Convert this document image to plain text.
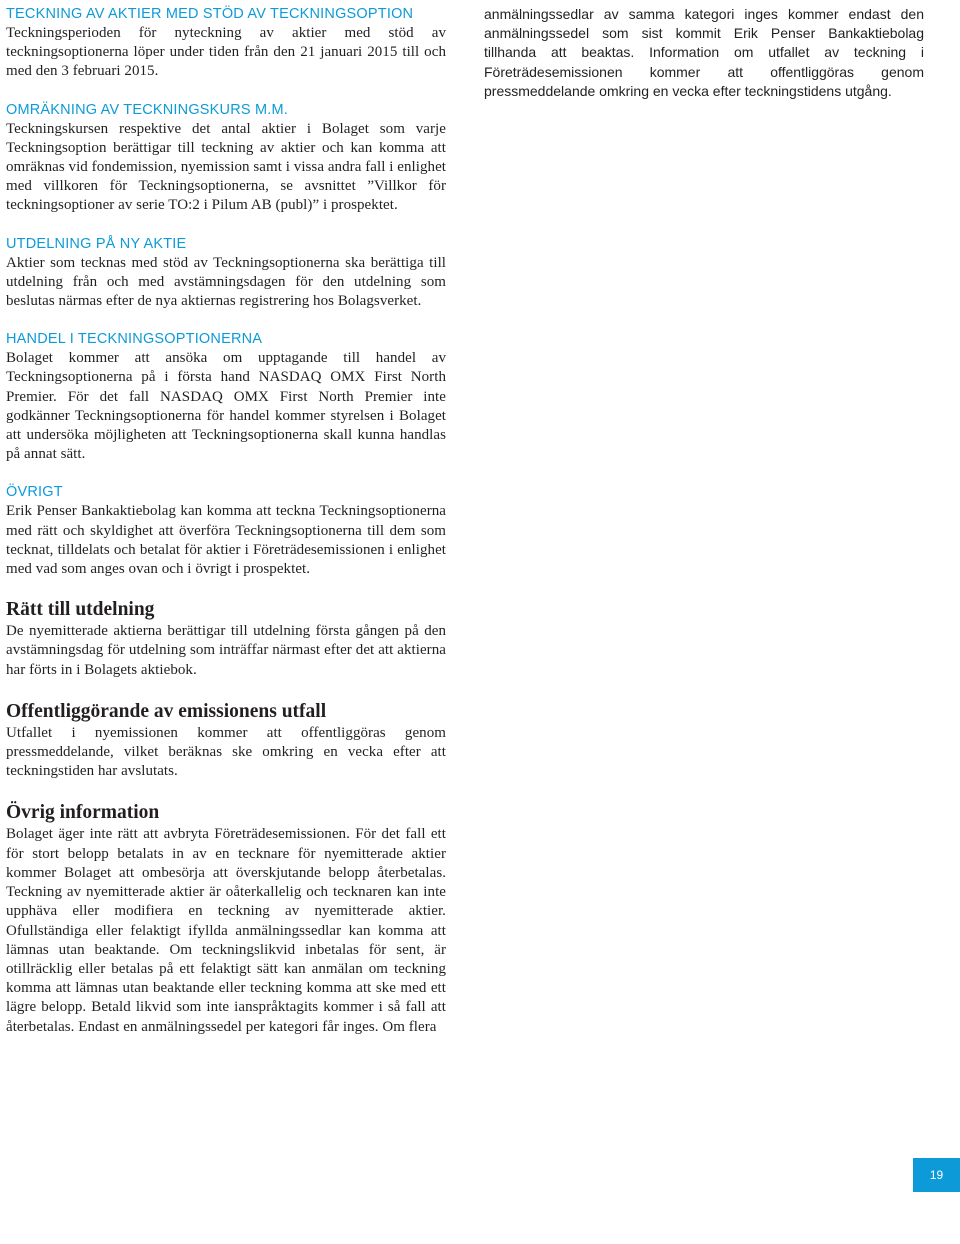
TECKNING AV AKTIER MED STÖD AV TECKNINGSOPTION

Teckningsperioden för nyteckning av aktier med stöd av teckningsoptionerna löper under tiden från den 21 januari 2015 till och med den 3 februari 2015.

OMRÄKNING AV TECKNINGSKURS M.M.

Teckningskursen respektive det antal aktier i Bolaget som varje Teckningsoption berättigar till teckning av aktier och kan komma att omräknas vid fondemission, nyemission samt i vissa andra fall i enlighet med villkoren för Teckningsoptionerna, se avsnittet ”Villkor för teckningsoptioner av serie TO:2 i Pilum AB (publ)” i prospektet.

UTDELNING PÅ NY AKTIE

Aktier som tecknas med stöd av Teckningsoptionerna ska berättiga till utdelning från och med avstämningsdagen för den utdelning som beslutas närmas efter de nya aktiernas registrering hos Bolagsverket.

HANDEL I TECKNINGSOPTIONERNA

Bolaget kommer att ansöka om upptagande till handel av Teckningsoptionerna på i första hand NASDAQ OMX First North Premier. För det fall NASDAQ OMX First North Premier inte godkänner Teckningsoptionerna för handel kommer styrelsen i Bolaget att undersöka möjligheten att Teckningsoptionerna skall kunna handlas på annat sätt.

ÖVRIGT

Erik Penser Bankaktiebolag kan komma att teckna Teckningsoptionerna med rätt och skyldighet att överföra Teckningsoptionerna till dem som tecknat, tilldelats och betalat för aktier i Företrädesemissionen i enlighet med vad som anges ovan och i övrigt i prospektet.

Rätt till utdelning

De nyemitterade aktierna berättigar till utdelning första gången på den avstämningsdag för utdelning som inträffar närmast efter det att aktierna har förts in i Bolagets aktiebok.

Offentliggörande av emissionens utfall

Utfallet i nyemissionen kommer att offentliggöras genom pressmeddelande, vilket beräknas ske omkring en vecka efter att teckningstiden har avslutats.

Övrig information

Bolaget äger inte rätt att avbryta Företrädesemissionen. För det fall ett för stort belopp betalats in av en tecknare för nyemitterade aktier kommer Bolaget att ombesörja att överskjutande belopp återbetalas. Teckning av nyemitterade aktier är oåterkallelig och tecknaren kan inte upphäva eller modifiera en teckning av nyemitterade aktier. Ofullständiga eller felaktigt ifyllda anmälningssedlar kan komma att lämnas utan beaktande. Om teckningslikvid inbetalas för sent, är otillräcklig eller betalas på ett felaktigt sätt kan anmälan om teckning komma att lämnas utan beaktande eller teckning komma att ske med ett lägre belopp. Betald likvid som inte ianspråktagits kommer i så fall att återbetalas. Endast en anmälningssedel per kategori får inges. Om flera

anmälningssedlar av samma kategori inges kommer endast den anmälningssedel som sist kommit Erik Penser Bankaktiebolag tillhanda att beaktas. Information om utfallet av teckning i Företrädesemissionen kommer att offentliggöras genom pressmeddelande omkring en vecka efter teckningstidens utgång.

19
